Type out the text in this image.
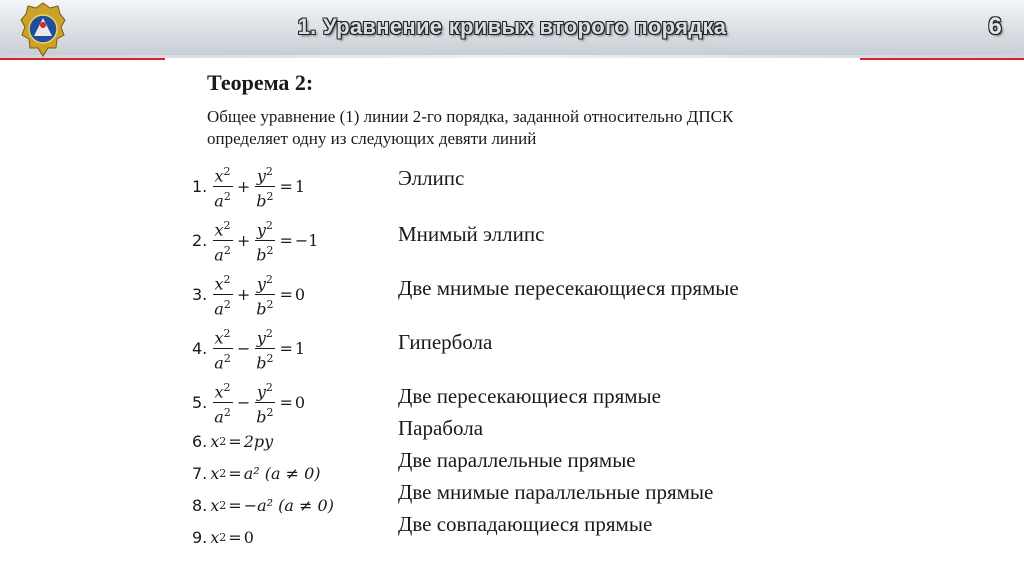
1. Уравнение кривых второго порядка	6
Теорема 2:
Общее уравнение (1) линии 2-го порядка, заданной относительно ДПСК

определяет одну из следующих девяти линий
1. $\frac{x^2}{a^2} + \frac{y^2}{b^2} = 1$
2. $\frac{x^2}{a^2} + \frac{y^2}{b^2} = -1$
3. $\frac{x^2}{a^2} + \frac{y^2}{b^2} = 0$
4. $\frac{x^2}{a^2} - \frac{y^2}{b^2} = 1$
5. $\frac{x^2}{a^2} - \frac{y^2}{b^2} = 0$
6. x 2 = 2py
7. x 2 = a²
(a ≠ 0)
8. x 2 = −a²
(a ≠ 0)
9. x 2 = 0
Эллипс
Мнимый эллипс
Две мнимые пересекающиеся прямые
Гипербола
Две пересекающиеся прямые
Парабола
Две параллельные прямые
Две мнимые параллельные прямые
Две совпадающиеся прямые
